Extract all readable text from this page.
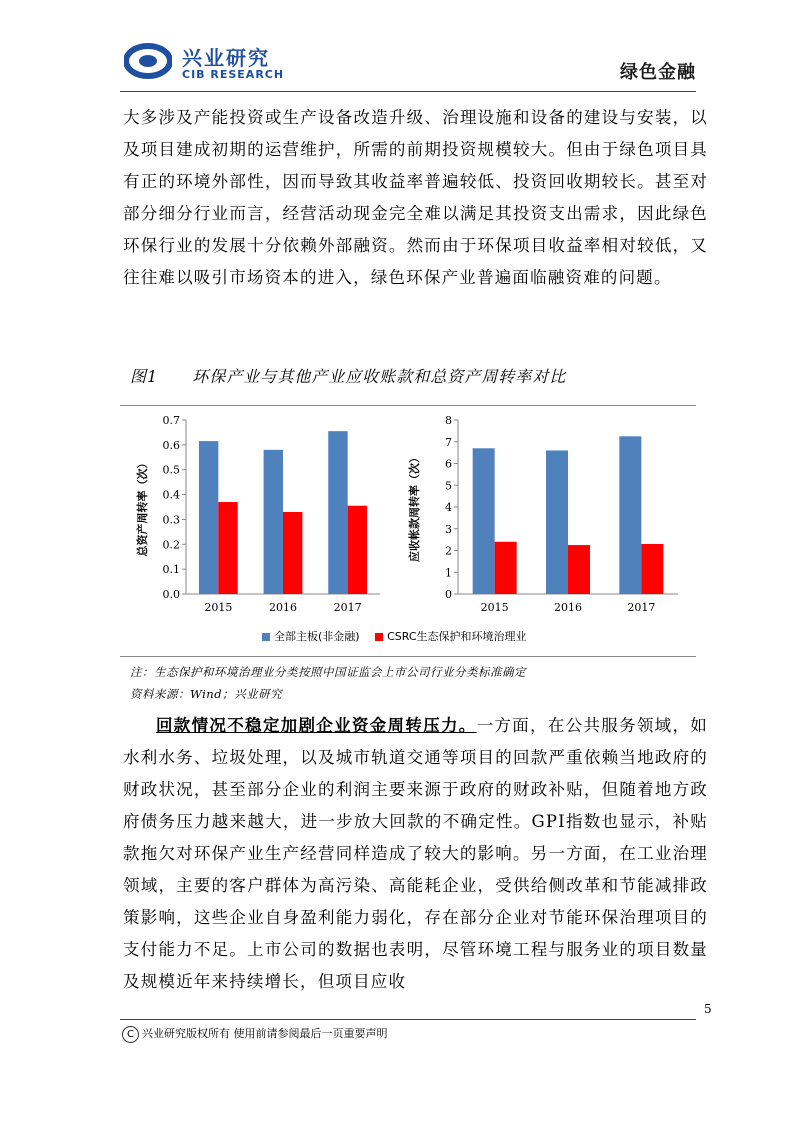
兴业研究
CIB RESEARCH	绿色金融
大多涉及产能投资或生产设备改造升级、治理设施和设备的建设与安装，以及项目建成初期的运营维护，所需的前期投资规模较大。但由于绿色项目具有正的环境外部性，因而导致其收益率普遍较低、投资回收期较长。甚至对部分细分行业而言，经营活动现金完全难以满足其投资支出需求，因此绿色环保行业的发展十分依赖外部融资。然而由于环保项目收益率相对较低，又往往难以吸引市场资本的进入，绿色环保产业普遍面临融资难的问题。
图1 环保产业与其他产业应收账款和总资产周转率对比
0.0
0.1
0.2
0.3
0.4
0.5
0.6
0.7
总资产周转率（次）
2015	2016	2017
0
1
2
3
4
5
6
7
8
应收帐款周转率（次）
2015	2016	2017
全部主板(非金融)	CSRC生态保护和环境治理业
注：生态保护和环境治理业分类按照中国证监会上市公司行业分类标准确定
资料来源：Wind；兴业研究
回款情况不稳定加剧企业资金周转压力。一方面，在公共服务领域，如水利水务、垃圾处理，以及城市轨道交通等项目的回款严重依赖当地政府的财政状况，甚至部分企业的利润主要来源于政府的财政补贴，但随着地方政府债务压力越来越大，进一步放大回款的不确定性。GPI指数也显示，补贴款拖欠对环保产业生产经营同样造成了较大的影响。另一方面，在工业治理领域，主要的客户群体为高污染、高能耗企业，受供给侧改革和节能减排政策影响，这些企业自身盈利能力弱化，存在部分企业对节能环保治理项目的支付能力不足。上市公司的数据也表明，尽管环境工程与服务业的项目数量及规模近年来持续增长，但项目应收
5
C 兴业研究版权所有 使用前请参阅最后一页重要声明
